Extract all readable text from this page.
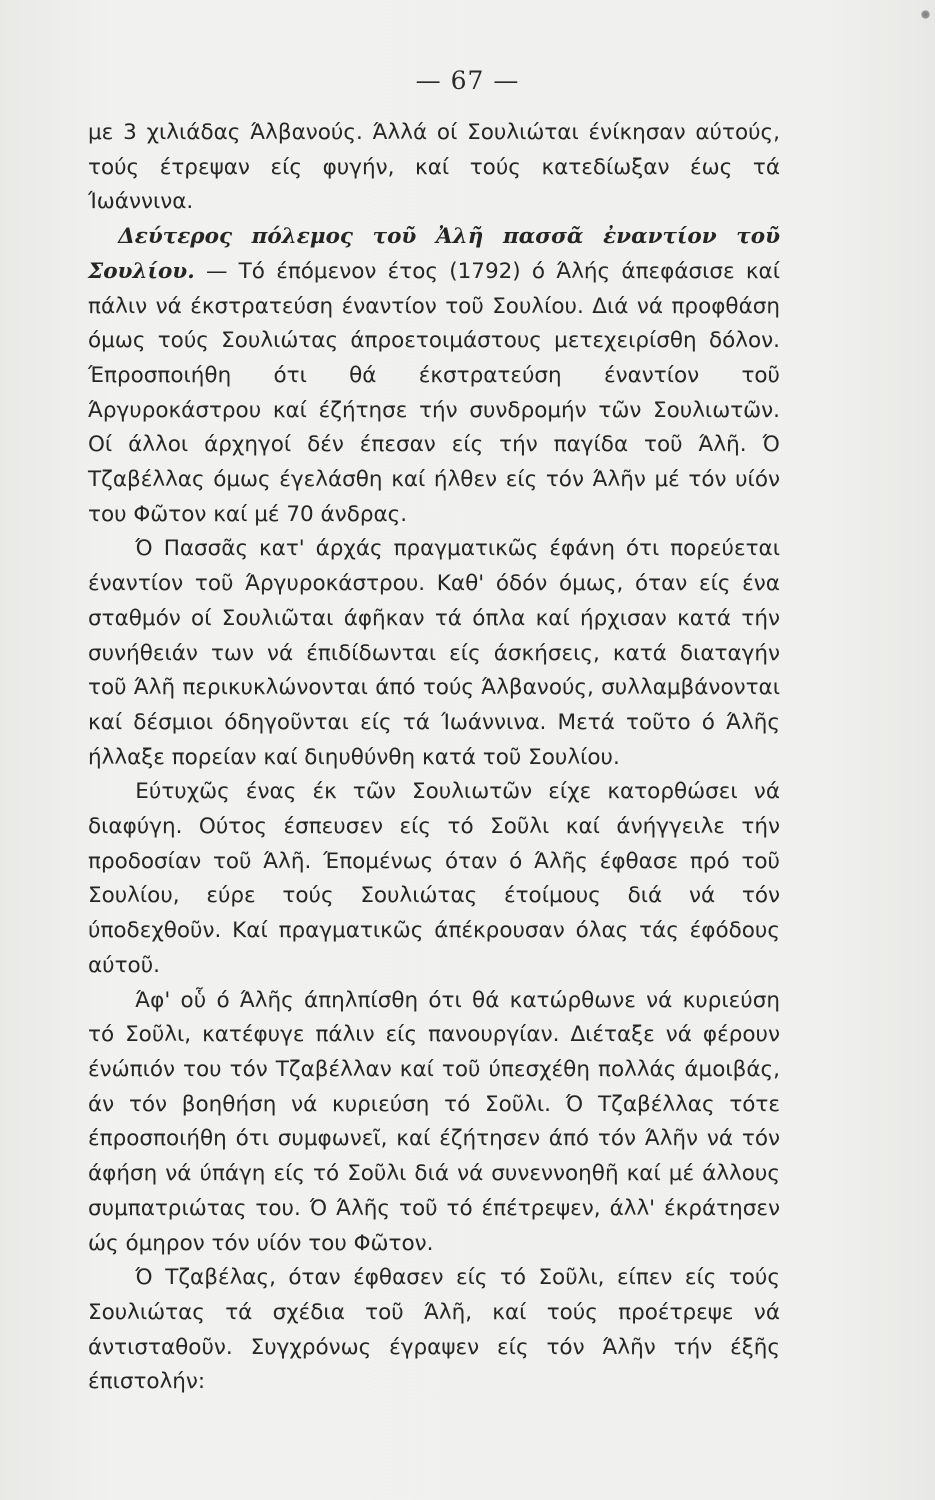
— 67 —

με 3 χιλιάδας Άλβανούς. Άλλά οί Σουλιώται ένίκησαν αύτούς, τούς έτρεψαν είς φυγήν, καί τούς κατεδίωξαν έως τά Ίωάννινα.

Δεύτερος πόλεμος τοῦ Ἀλῆ πασσᾶ ἐναντίον τοῦ Σουλίου. — Τό έπόμενον έτος (1792) ό Άλής άπεφάσισε καί πάλιν νά έκστρατεύση έναντίον τοῦ Σουλίου. Διά νά προφθάση όμως τούς Σουλιώτας άπροετοιμάστους μετεχειρίσθη δόλον. Έπροσποιήθη ότι θά έκστρατεύση έναντίον τοῦ Άργυροκάστρου καί έζήτησε τήν συνδρομήν τῶν Σουλιωτῶν. Οί άλλοι άρχηγοί δέν έπεσαν είς τήν παγίδα τοῦ Άλῆ. Ό Τζαβέλλας όμως έγελάσθη καί ήλθεν είς τόν Άλῆν μέ τόν υίόν του Φῶτον καί μέ 70 άνδρας.

Ό Πασσᾶς κατ' άρχάς πραγματικῶς έφάνη ότι πορεύεται έναντίον τοῦ Άργυροκάστρου. Καθ' όδόν όμως, όταν είς ένα σταθμόν οί Σουλιῶται άφῆκαν τά όπλα καί ήρχισαν κατά τήν συνήθειάν των νά έπιδίδωνται είς άσκήσεις, κατά διαταγήν τοῦ Άλῆ περικυκλώνονται άπό τούς Άλβανούς, συλλαμβάνονται καί δέσμιοι όδηγοῦνται είς τά Ίωάννινα. Μετά τοῦτο ό Άλῆς ήλλαξε πορείαν καί διηυθύνθη κατά τοῦ Σουλίου.

Εύτυχῶς ένας έκ τῶν Σουλιωτῶν είχε κατορθώσει νά διαφύγη. Ούτος έσπευσεν είς τό Σοῦλι καί άνήγγειλε τήν προδοσίαν τοῦ Άλῆ. Έπομένως όταν ό Άλῆς έφθασε πρό τοῦ Σουλίου, εύρε τούς Σουλιώτας έτοίμους διά νά τόν ύποδεχθοῦν. Καί πραγματικῶς άπέκρουσαν όλας τάς έφόδους αύτοῦ.

Άφ' οὗ ό Άλῆς άπηλπίσθη ότι θά κατώρθωνε νά κυριεύση τό Σοῦλι, κατέφυγε πάλιν είς πανουργίαν. Διέταξε νά φέρουν ένώπιόν του τόν Τζαβέλλαν καί τοῦ ύπεσχέθη πολλάς άμοιβάς, άν τόν βοηθήση νά κυριεύση τό Σοῦλι. Ό Τζαβέλλας τότε έπροσποιήθη ότι συμφωνεῖ, καί έζήτησεν άπό τόν Άλῆν νά τόν άφήση νά ύπάγη είς τό Σοῦλι διά νά συνεννοηθῆ καί μέ άλλους συμπατριώτας του. Ό Άλῆς τοῦ τό έπέτρεψεν, άλλ' έκράτησεν ώς όμηρον τόν υίόν του Φῶτον.

Ό Τζαβέλας, όταν έφθασεν είς τό Σοῦλι, είπεν είς τούς Σουλιώτας τά σχέδια τοῦ Άλῆ, καί τούς προέτρεψε νά άντισταθοῦν. Συγχρόνως έγραψεν είς τόν Άλῆν τήν έξῆς έπιστολήν:
